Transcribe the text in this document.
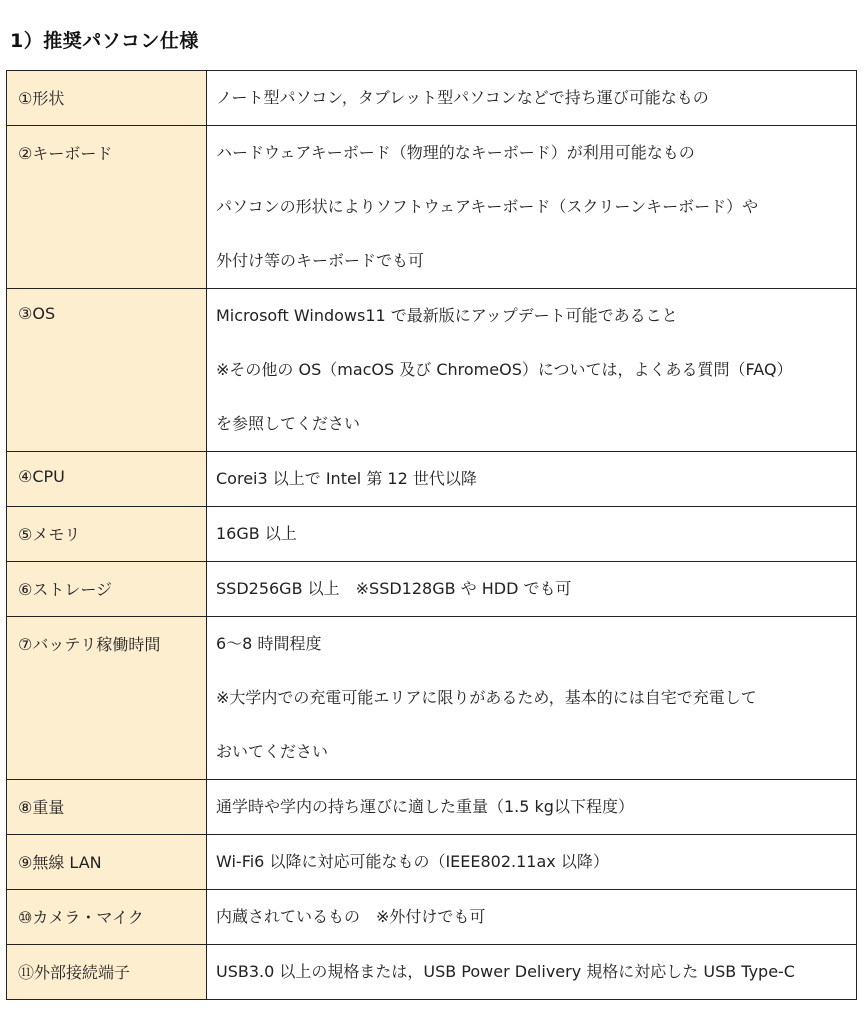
1）推奨パソコン仕様
①形状	ノート型パソコン，タブレット型パソコンなどで持ち運び可能なもの

②キーボード	ハードウェアキーボード（物理的なキーボード）が利用可能なもの
パソコンの形状によりソフトウェアキーボード（スクリーンキーボード）や
外付け等のキーボードでも可

③OS	Microsoft Windows11 で最新版にアップデート可能であること
※その他の OS（macOS 及び ChromeOS）については，よくある質問（FAQ）
を参照してください

④CPU	Corei3 以上で Intel 第 12 世代以降

⑤メモリ	16GB 以上

⑥ストレージ	SSD256GB 以上　※SSD128GB や HDD でも可

⑦バッテリ稼働時間	6～8 時間程度
※大学内での充電可能エリアに限りがあるため，基本的には自宅で充電して
おいてください

⑧重量	通学時や学内の持ち運びに適した重量（1.5 kg以下程度）

⑨無線 LAN	Wi-Fi6 以降に対応可能なもの（IEEE802.11ax 以降）

⑩カメラ・マイク	内蔵されているもの　※外付けでも可

⑪外部接続端子	USB3.0 以上の規格または，USB Power Delivery 規格に対応した USB Type-C
